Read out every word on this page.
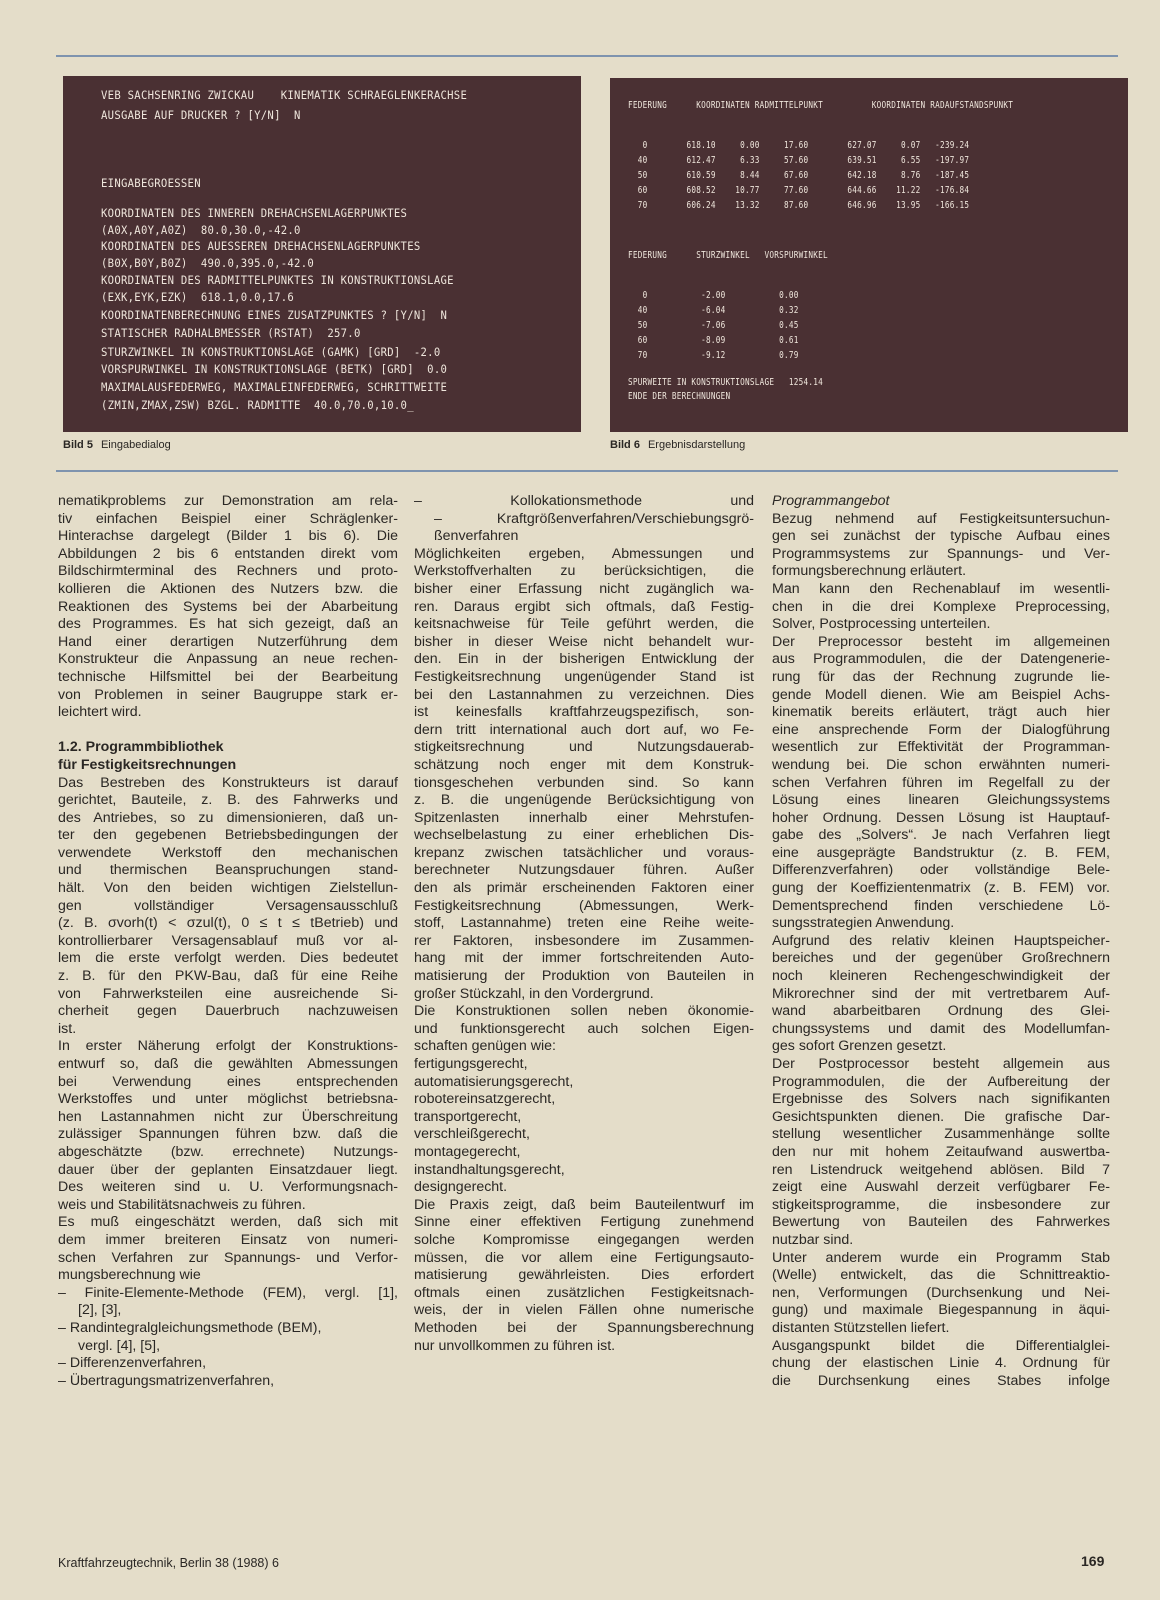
VEB SACHSENRING ZWICKAU    KINEMATIK SCHRAEGLENKERACHSE
AUSGABE AUF DRUCKER ? [Y/N]  N
EINGABEGROESSEN
KOORDINATEN DES INNEREN DREHACHSENLAGERPUNKTES
(A0X,A0Y,A0Z)  80.0,30.0,-42.0
KOORDINATEN DES AUESSEREN DREHACHSENLAGERPUNKTES
(B0X,B0Y,B0Z)  490.0,395.0,-42.0
KOORDINATEN DES RADMITTELPUNKTES IN KONSTRUKTIONSLAGE
(EXK,EYK,EZK)  618.1,0.0,17.6
KOORDINATENBERECHNUNG EINES ZUSATZPUNKTES ? [Y/N]  N
STATISCHER RADHALBMESSER (RSTAT)  257.0
STURZWINKEL IN KONSTRUKTIONSLAGE (GAMK) [GRD]  -2.0
VORSPURWINKEL IN KONSTRUKTIONSLAGE (BETK) [GRD]  0.0
MAXIMALAUSFEDERWEG, MAXIMALEINFEDERWEG, SCHRITTWEITE
(ZMIN,ZMAX,ZSW) BZGL. RADMITTE  40.0,70.0,10.0_
Bild 5 Eingabedialog
FEDERUNG      KOORDINATEN RADMITTELPUNKT          KOORDINATEN RADAUFSTANDSPUNKT
0        618.10     0.00     17.60        627.07     0.07   -239.24
40        612.47     6.33     57.60        639.51     6.55   -197.97
50        610.59     8.44     67.60        642.18     8.76   -187.45
60        608.52    10.77     77.60        644.66    11.22   -176.84
70        606.24    13.32     87.60        646.96    13.95   -166.15
FEDERUNG      STURZWINKEL   VORSPURWINKEL
0           -2.00           0.00
40           -6.04           0.32
50           -7.06           0.45
60           -8.09           0.61
70           -9.12           0.79
SPURWEITE IN KONSTRUKTIONSLAGE   1254.14
ENDE DER BERECHNUNGEN
Bild 6 Ergebnisdarstellung
nematikproblems zur Demonstration am rela-
tiv einfachen Beispiel einer Schräglenker-
Hinterachse dargelegt (Bilder 1 bis 6). Die
Abbildungen 2 bis 6 entstanden direkt vom
Bildschirmterminal des Rechners und proto-
kollieren die Aktionen des Nutzers bzw. die
Reaktionen des Systems bei der Abarbeitung
des Programmes. Es hat sich gezeigt, daß an
Hand einer derartigen Nutzerführung dem
Konstrukteur die Anpassung an neue rechen-
technische Hilfsmittel bei der Bearbeitung
von Problemen in seiner Baugruppe stark er-
leichtert wird.
1.2. Programmbibliothek
für Festigkeitsrechnungen
Das Bestreben des Konstrukteurs ist darauf
gerichtet, Bauteile, z. B. des Fahrwerks und
des Antriebes, so zu dimensionieren, daß un-
ter den gegebenen Betriebsbedingungen der
verwendete Werkstoff den mechanischen
und thermischen Beanspruchungen stand-
hält. Von den beiden wichtigen Zielstellun-
gen vollständiger Versagensausschluß
(z. B. σvorh(t) < σzul(t), 0 ≤ t ≤ tBetrieb) und
kontrollierbarer Versagensablauf muß vor al-
lem die erste verfolgt werden. Dies bedeutet
z. B. für den PKW-Bau, daß für eine Reihe
von Fahrwerksteilen eine ausreichende Si-
cherheit gegen Dauerbruch nachzuweisen
ist.
In erster Näherung erfolgt der Konstruktions-
entwurf so, daß die gewählten Abmessungen
bei Verwendung eines entsprechenden
Werkstoffes und unter möglichst betriebsna-
hen Lastannahmen nicht zur Überschreitung
zulässiger Spannungen führen bzw. daß die
abgeschätzte (bzw. errechnete) Nutzungs-
dauer über der geplanten Einsatzdauer liegt.
Des weiteren sind u. U. Verformungsnach-
weis und Stabilitätsnachweis zu führen.
Es muß eingeschätzt werden, daß sich mit
dem immer breiteren Einsatz von numeri-
schen Verfahren zur Spannungs- und Verfor-
mungsberechnung wie
– Finite-Elemente-Methode (FEM), vergl. [1],
[2], [3],
– Randintegralgleichungsmethode (BEM),
vergl. [4], [5],
– Differenzenverfahren,
– Übertragungsmatrizenverfahren,
– Kollokationsmethode und
– Kraftgrößenverfahren/Verschiebungsgrö-
ßenverfahren
Möglichkeiten ergeben, Abmessungen und
Werkstoffverhalten zu berücksichtigen, die
bisher einer Erfassung nicht zugänglich wa-
ren. Daraus ergibt sich oftmals, daß Festig-
keitsnachweise für Teile geführt werden, die
bisher in dieser Weise nicht behandelt wur-
den. Ein in der bisherigen Entwicklung der
Festigkeitsrechnung ungenügender Stand ist
bei den Lastannahmen zu verzeichnen. Dies
ist keinesfalls kraftfahrzeugspezifisch, son-
dern tritt international auch dort auf, wo Fe-
stigkeitsrechnung und Nutzungsdauerab-
schätzung noch enger mit dem Konstruk-
tionsgeschehen verbunden sind. So kann
z. B. die ungenügende Berücksichtigung von
Spitzenlasten innerhalb einer Mehrstufen-
wechselbelastung zu einer erheblichen Dis-
krepanz zwischen tatsächlicher und voraus-
berechneter Nutzungsdauer führen. Außer
den als primär erscheinenden Faktoren einer
Festigkeitsrechnung (Abmessungen, Werk-
stoff, Lastannahme) treten eine Reihe weite-
rer Faktoren, insbesondere im Zusammen-
hang mit der immer fortschreitenden Auto-
matisierung der Produktion von Bauteilen in
großer Stückzahl, in den Vordergrund.
Die Konstruktionen sollen neben ökonomie-
und funktionsgerecht auch solchen Eigen-
schaften genügen wie:
fertigungsgerecht,
automatisierungsgerecht,
robotereinsatzgerecht,
transportgerecht,
verschleißgerecht,
montagegerecht,
instandhaltungsgerecht,
designgerecht.
Die Praxis zeigt, daß beim Bauteilentwurf im
Sinne einer effektiven Fertigung zunehmend
solche Kompromisse eingegangen werden
müssen, die vor allem eine Fertigungsauto-
matisierung gewährleisten. Dies erfordert
oftmals einen zusätzlichen Festigkeitsnach-
weis, der in vielen Fällen ohne numerische
Methoden bei der Spannungsberechnung
nur unvollkommen zu führen ist.
Programmangebot
Bezug nehmend auf Festigkeitsuntersuchun-
gen sei zunächst der typische Aufbau eines
Programmsystems zur Spannungs- und Ver-
formungsberechnung erläutert.
Man kann den Rechenablauf im wesentli-
chen in die drei Komplexe Preprocessing,
Solver, Postprocessing unterteilen.
Der Preprocessor besteht im allgemeinen
aus Programmodulen, die der Datengenerie-
rung für das der Rechnung zugrunde lie-
gende Modell dienen. Wie am Beispiel Achs-
kinematik bereits erläutert, trägt auch hier
eine ansprechende Form der Dialogführung
wesentlich zur Effektivität der Programman-
wendung bei. Die schon erwähnten numeri-
schen Verfahren führen im Regelfall zu der
Lösung eines linearen Gleichungssystems
hoher Ordnung. Dessen Lösung ist Hauptauf-
gabe des „Solvers“. Je nach Verfahren liegt
eine ausgeprägte Bandstruktur (z. B. FEM,
Differenzverfahren) oder vollständige Bele-
gung der Koeffizientenmatrix (z. B. FEM) vor.
Dementsprechend finden verschiedene Lö-
sungsstrategien Anwendung.
Aufgrund des relativ kleinen Hauptspeicher-
bereiches und der gegenüber Großrechnern
noch kleineren Rechengeschwindigkeit der
Mikrorechner sind der mit vertretbarem Auf-
wand abarbeitbaren Ordnung des Glei-
chungssystems und damit des Modellumfan-
ges sofort Grenzen gesetzt.
Der Postprocessor besteht allgemein aus
Programmodulen, die der Aufbereitung der
Ergebnisse des Solvers nach signifikanten
Gesichtspunkten dienen. Die grafische Dar-
stellung wesentlicher Zusammenhänge sollte
den nur mit hohem Zeitaufwand auswertba-
ren Listendruck weitgehend ablösen. Bild 7
zeigt eine Auswahl derzeit verfügbarer Fe-
stigkeitsprogramme, die insbesondere zur
Bewertung von Bauteilen des Fahrwerkes
nutzbar sind.
Unter anderem wurde ein Programm Stab
(Welle) entwickelt, das die Schnittreaktio-
nen, Verformungen (Durchsenkung und Nei-
gung) und maximale Biegespannung in äqui-
distanten Stützstellen liefert.
Ausgangspunkt bildet die Differentialglei-
chung der elastischen Linie 4. Ordnung für
die Durchsenkung eines Stabes infolge
Kraftfahrzeugtechnik, Berlin 38 (1988) 6	169
